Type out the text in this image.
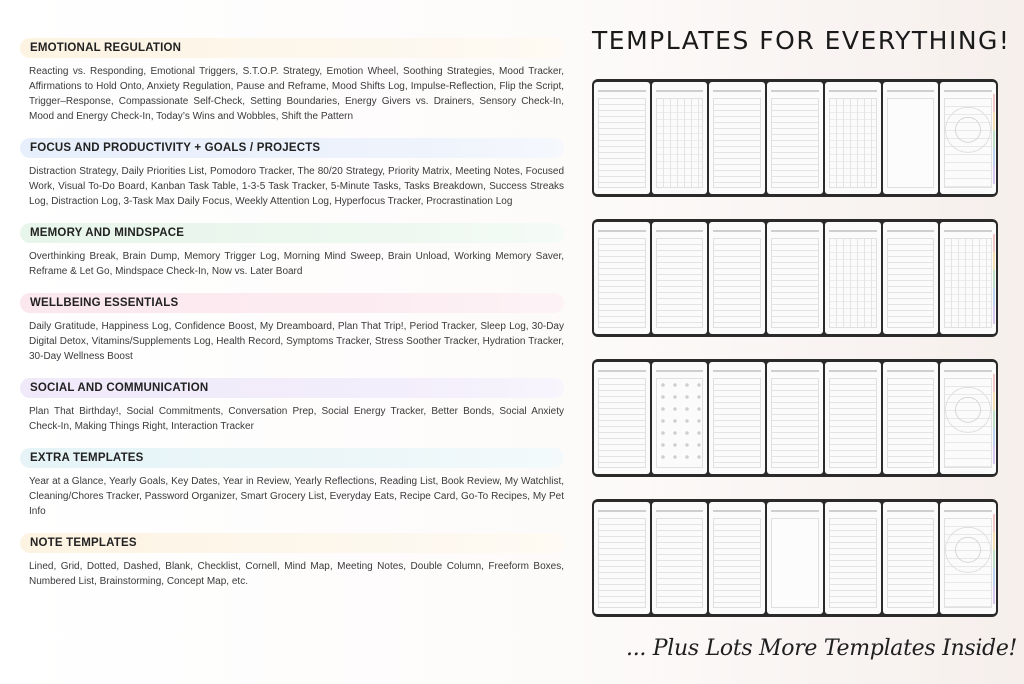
EMOTIONAL REGULATION
Reacting vs. Responding, Emotional Triggers, S.T.O.P. Strategy, Emotion Wheel, Soothing Strategies, Mood Tracker, Affirmations to Hold Onto, Anxiety Regulation, Pause and Reframe, Mood Shifts Log, Impulse-Reflection, Flip the Script, Trigger–Response, Compassionate Self-Check, Setting Boundaries, Energy Givers vs. Drainers, Sensory Check-In, Mood and Energy Check-In, Today’s Wins and Wobbles, Shift the Pattern
FOCUS AND PRODUCTIVITY + GOALS / PROJECTS
Distraction Strategy, Daily Priorities List, Pomodoro Tracker, The 80/20 Strategy, Priority Matrix, Meeting Notes, Focused Work, Visual To-Do Board, Kanban Task Table, 1-3-5 Task Tracker, 5-Minute Tasks, Tasks Breakdown, Success Streaks Log, Distraction Log, 3-Task Max Daily Focus, Weekly Attention Log, Hyperfocus Tracker, Procrastination Log
MEMORY AND MINDSPACE
Overthinking Break, Brain Dump, Memory Trigger Log, Morning Mind Sweep, Brain Unload, Working Memory Saver, Reframe & Let Go, Mindspace Check-In, Now vs. Later Board
WELLBEING ESSENTIALS
Daily Gratitude, Happiness Log, Confidence Boost, My Dreamboard, Plan That Trip!, Period Tracker, Sleep Log, 30-Day Digital Detox, Vitamins/Supplements Log, Health Record, Symptoms Tracker, Stress Soother Tracker, Hydration Tracker, 30-Day Wellness Boost
SOCIAL AND COMMUNICATION
Plan That Birthday!, Social Commitments, Conversation Prep, Social Energy Tracker, Better Bonds, Social Anxiety Check-In, Making Things Right, Interaction Tracker
EXTRA TEMPLATES
Year at a Glance, Yearly Goals, Key Dates, Year in Review, Yearly Reflections, Reading List, Book Review, My Watchlist, Cleaning/Chores Tracker, Password Organizer, Smart Grocery List, Everyday Eats, Recipe Card, Go-To Recipes, My Pet Info
NOTE TEMPLATES
Lined, Grid, Dotted, Dashed, Blank, Checklist, Cornell, Mind Map, Meeting Notes, Double Column, Freeform Boxes, Numbered List, Brainstorming, Concept Map, etc.
TEMPLATES FOR EVERYTHING!
... Plus Lots More Templates Inside!
